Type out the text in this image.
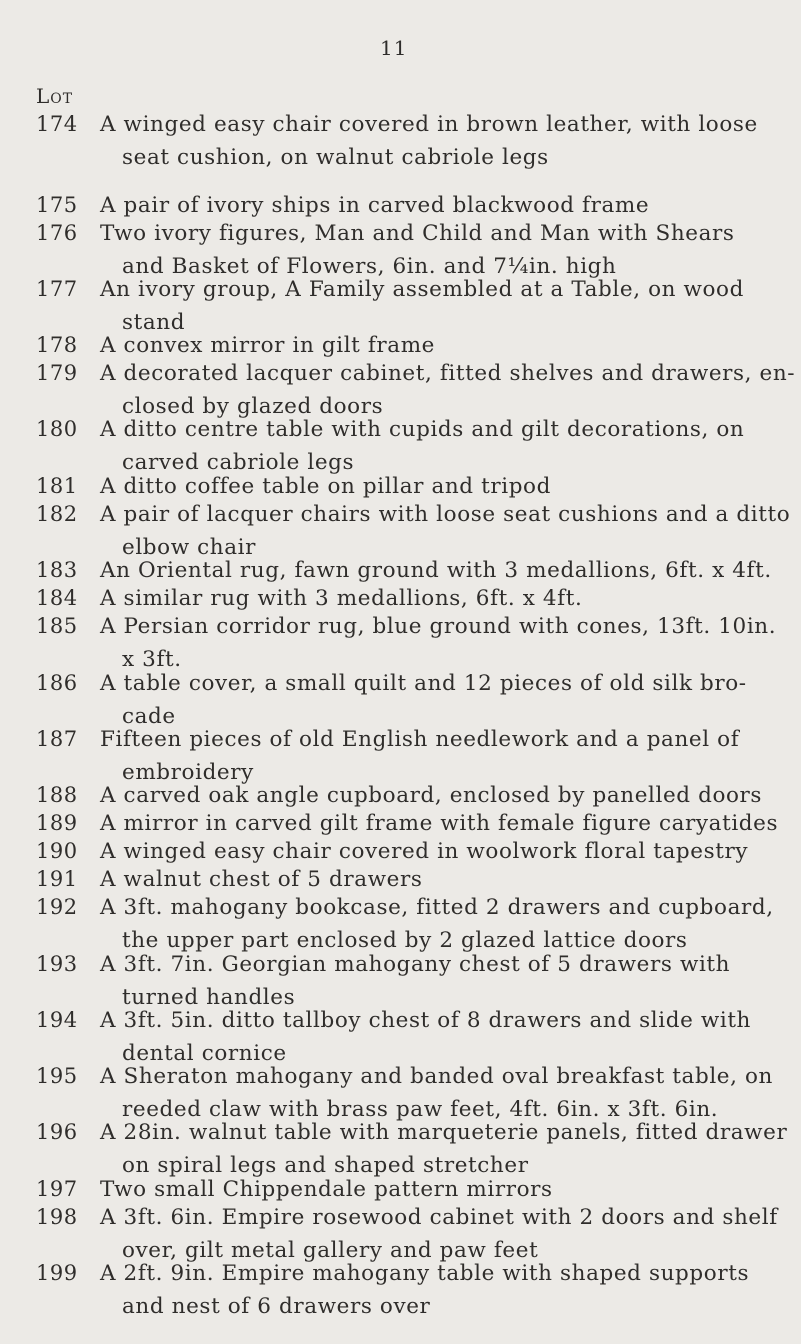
11
Lot
174 A winged easy chair covered in brown leather, with loose
seat cushion, on walnut cabriole legs
175 A pair of ivory ships in carved blackwood frame
176 Two ivory figures, Man and Child and Man with Shears
and Basket of Flowers, 6in. and 7¼in. high
177 An ivory group, A Family assembled at a Table, on wood
stand
178 A convex mirror in gilt frame
179 A decorated lacquer cabinet, fitted shelves and drawers, en-
closed by glazed doors
180 A ditto centre table with cupids and gilt decorations, on
carved cabriole legs
181 A ditto coffee table on pillar and tripod
182 A pair of lacquer chairs with loose seat cushions and a ditto
elbow chair
183 An Oriental rug, fawn ground with 3 medallions, 6ft. x 4ft.
184 A similar rug with 3 medallions, 6ft. x 4ft.
185 A Persian corridor rug, blue ground with cones, 13ft. 10in.
x 3ft.
186 A table cover, a small quilt and 12 pieces of old silk bro-
cade
187 Fifteen pieces of old English needlework and a panel of
embroidery
188 A carved oak angle cupboard, enclosed by panelled doors
189 A mirror in carved gilt frame with female figure caryatides
190 A winged easy chair covered in woolwork floral tapestry
191 A walnut chest of 5 drawers
192 A 3ft. mahogany bookcase, fitted 2 drawers and cupboard,
the upper part enclosed by 2 glazed lattice doors
193 A 3ft. 7in. Georgian mahogany chest of 5 drawers with
turned handles
194 A 3ft. 5in. ditto tallboy chest of 8 drawers and slide with
dental cornice
195 A Sheraton mahogany and banded oval breakfast table, on
reeded claw with brass paw feet, 4ft. 6in. x 3ft. 6in.
196 A 28in. walnut table with marqueterie panels, fitted drawer
on spiral legs and shaped stretcher
197 Two small Chippendale pattern mirrors
198 A 3ft. 6in. Empire rosewood cabinet with 2 doors and shelf
over, gilt metal gallery and paw feet
199 A 2ft. 9in. Empire mahogany table with shaped supports
and nest of 6 drawers over
